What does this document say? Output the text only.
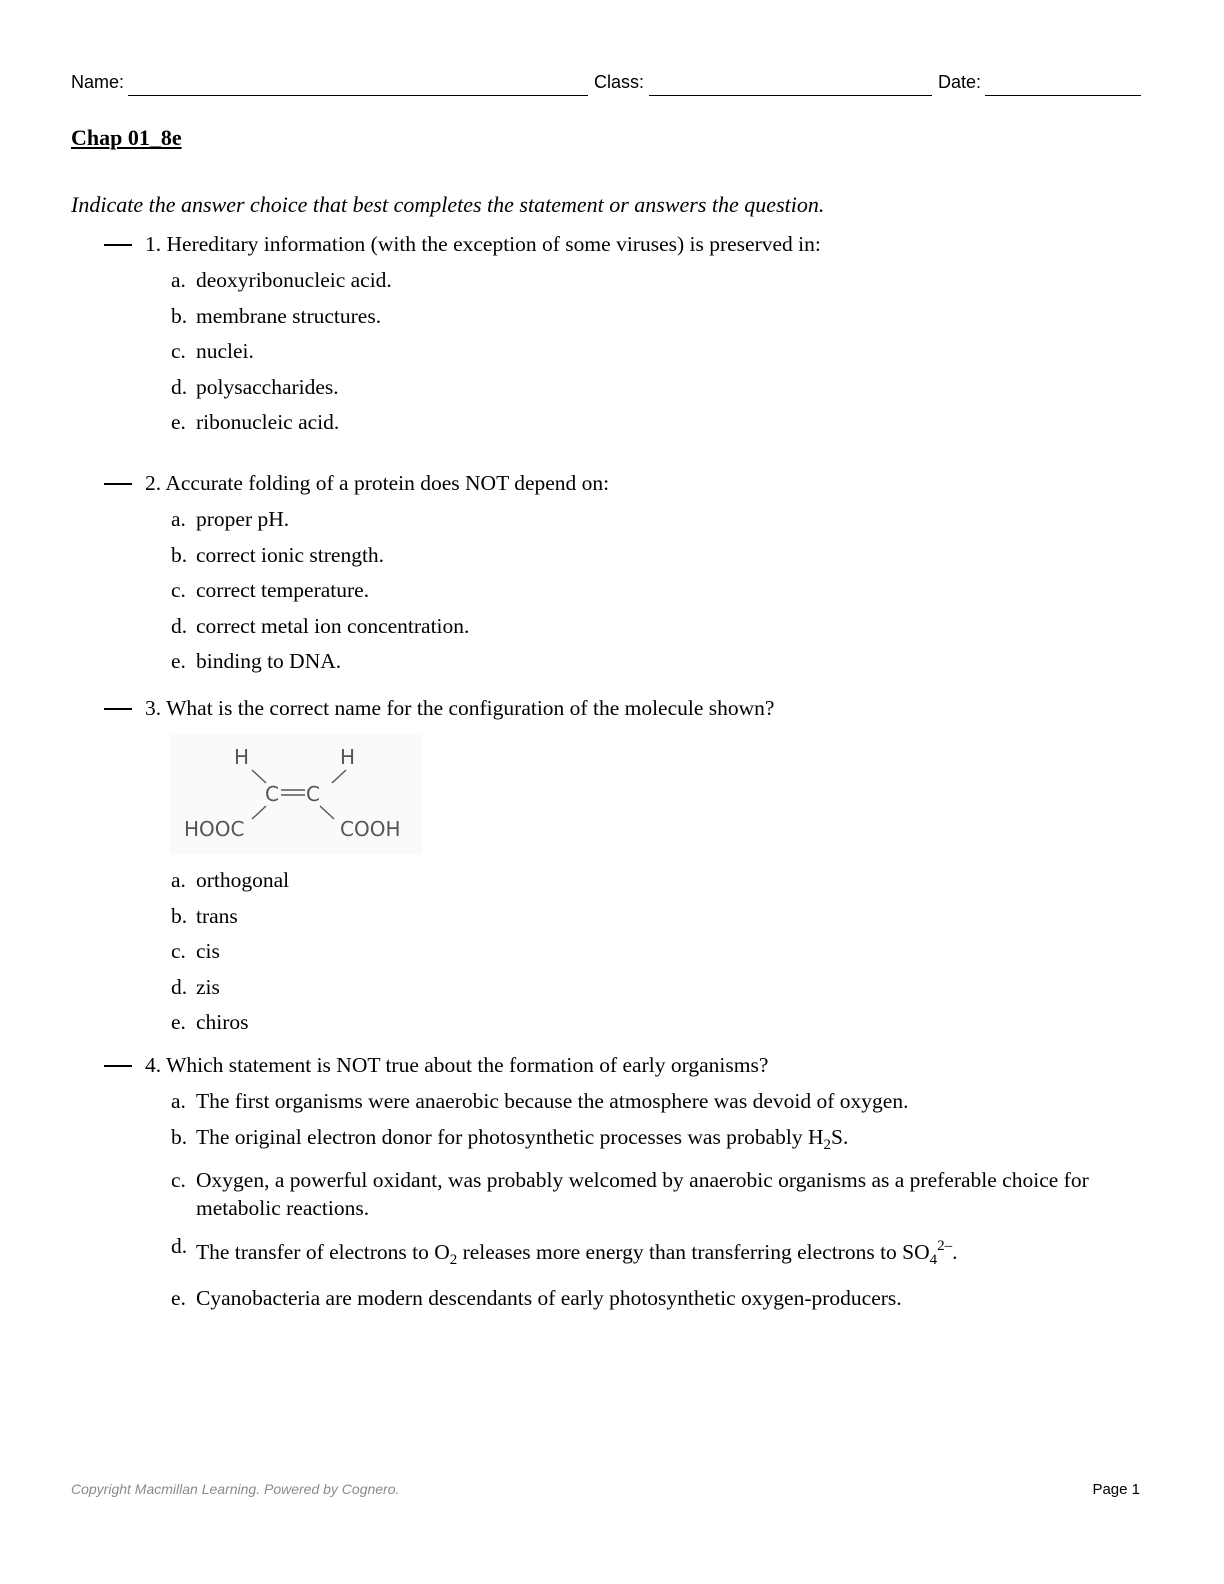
Name:	Class:	Date:
Chap 01_8e
Indicate the answer choice that best completes the statement or answers the question.
1. Hereditary information (with the exception of some viruses) is preserved in:
a. deoxyribonucleic acid.
b. membrane structures.
c. nuclei.
d. polysaccharides.
e. ribonucleic acid.
2. Accurate folding of a protein does NOT depend on:
a. proper pH.
b. correct ionic strength.
c. correct temperature.
d. correct metal ion concentration.
e. binding to DNA.
3. What is the correct name for the configuration of the molecule shown?
H	H
C C
HOOC	COOH
a. orthogonal
b. trans
c. cis
d. zis
e. chiros
4. Which statement is NOT true about the formation of early organisms?
a. The first organisms were anaerobic because the atmosphere was devoid of oxygen.
b. The original electron donor for photosynthetic processes was probably $H_2S$.
c. Oxygen, a powerful oxidant, was probably welcomed by anaerobic organisms as a preferable choice for metabolic reactions.
d. The transfer of electrons to $O_2$ releases more energy than transferring electrons to $SO_4^{2-}$.
e. Cyanobacteria are modern descendants of early photosynthetic oxygen-producers.
Copyright Macmillan Learning. Powered by Cognero.	Page 1
